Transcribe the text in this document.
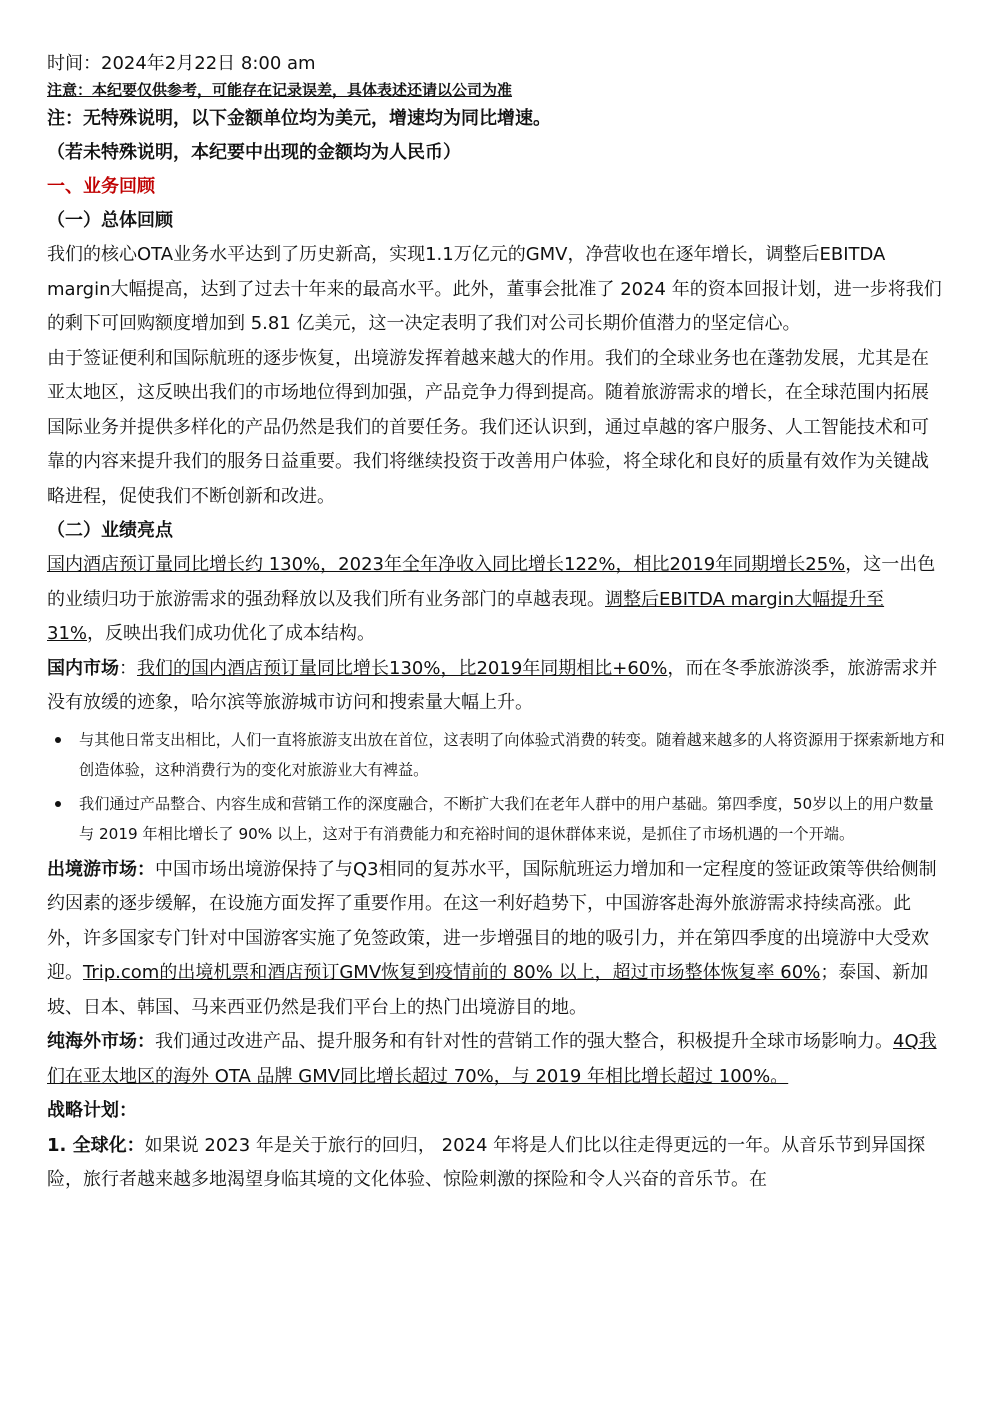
时间：2024年2月22日 8:00 am

注意：本纪要仅供参考，可能存在记录误差，具体表述还请以公司为准

注：无特殊说明，以下金额单位均为美元，增速均为同比增速。

（若未特殊说明，本纪要中出现的金额均为人民币）

一、业务回顾

（一）总体回顾

我们的核心OTA业务水平达到了历史新高，实现1.1万亿元的GMV，净营收也在逐年增长，调整后EBITDA margin大幅提高，达到了过去十年来的最高水平。此外，董事会批准了 2024 年的资本回报计划，进一步将我们的剩下可回购额度增加到 5.81 亿美元，这一决定表明了我们对公司长期价值潜力的坚定信心。

由于签证便利和国际航班的逐步恢复，出境游发挥着越来越大的作用。我们的全球业务也在蓬勃发展，尤其是在亚太地区，这反映出我们的市场地位得到加强，产品竞争力得到提高。随着旅游需求的增长，在全球范围内拓展国际业务并提供多样化的产品仍然是我们的首要任务。我们还认识到，通过卓越的客户服务、人工智能技术和可靠的内容来提升我们的服务日益重要。我们将继续投资于改善用户体验，将全球化和良好的质量有效作为关键战略进程，促使我们不断创新和改进。

（二）业绩亮点

国内酒店预订量同比增长约 130%，2023年全年净收入同比增长122%，相比2019年同期增长25%，这一出色的业绩归功于旅游需求的强劲释放以及我们所有业务部门的卓越表现。调整后EBITDA margin大幅提升至 31%，反映出我们成功优化了成本结构。

国内市场：我们的国内酒店预订量同比增长130%，比2019年同期相比+60%，而在冬季旅游淡季，旅游需求并没有放缓的迹象，哈尔滨等旅游城市访问和搜索量大幅上升。

与其他日常支出相比，人们一直将旅游支出放在首位，这表明了向体验式消费的转变。随着越来越多的人将资源用于探索新地方和创造体验，这种消费行为的变化对旅游业大有裨益。
我们通过产品整合、内容生成和营销工作的深度融合，不断扩大我们在老年人群中的用户基础。第四季度，50岁以上的用户数量与 2019 年相比增长了 90% 以上，这对于有消费能力和充裕时间的退休群体来说，是抓住了市场机遇的一个开端。

出境游市场：中国市场出境游保持了与Q3相同的复苏水平，国际航班运力增加和一定程度的签证政策等供给侧制约因素的逐步缓解，在设施方面发挥了重要作用。在这一利好趋势下，中国游客赴海外旅游需求持续高涨。此外，许多国家专门针对中国游客实施了免签政策，进一步增强目的地的吸引力，并在第四季度的出境游中大受欢迎。Trip.com的出境机票和酒店预订GMV恢复到疫情前的 80% 以上，超过市场整体恢复率 60%；泰国、新加坡、日本、韩国、马来西亚仍然是我们平台上的热门出境游目的地。

纯海外市场：我们通过改进产品、提升服务和有针对性的营销工作的强大整合，积极提升全球市场影响力。4Q我们在亚太地区的海外 OTA 品牌 GMV同比增长超过 70%，与 2019 年相比增长超过 100%。

战略计划：

1. 全球化：如果说 2023 年是关于旅行的回归， 2024 年将是人们比以往走得更远的一年。从音乐节到异国探险，旅行者越来越多地渴望身临其境的文化体验、惊险刺激的探险和令人兴奋的音乐节。在
